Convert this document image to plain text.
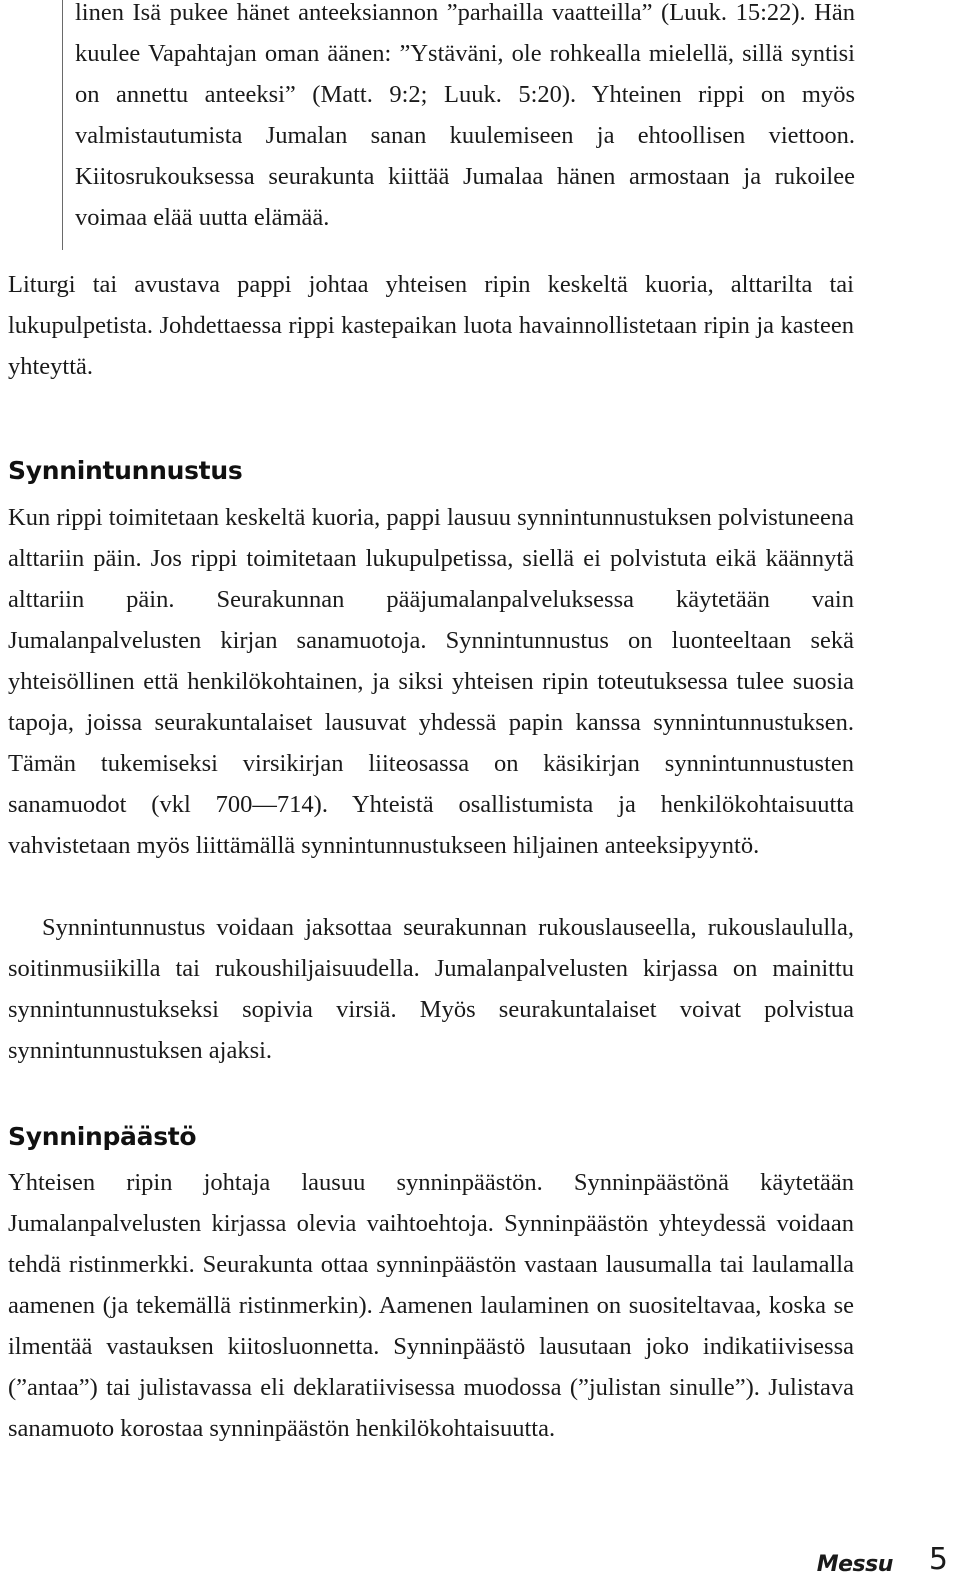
linen Isä pukee hänet anteeksiannon ”parhailla vaatteilla” (Luuk. 15:22). Hän kuulee Vapahtajan oman äänen: ”Ystäväni, ole rohkealla mielellä, sillä syntisi on annettu anteeksi” (Matt. 9:2; Luuk. 5:20). Yhteinen rippi on myös valmistautumista Jumalan sanan kuulemiseen ja ehtoollisen viettoon. Kiitosrukouksessa seurakunta kiittää Jumalaa hänen armostaan ja rukoilee voimaa elää uutta elämää.

Liturgi tai avustava pappi johtaa yhteisen ripin keskeltä kuoria, alttarilta tai lukupulpetista. Johdettaessa rippi kastepaikan luota havainnollistetaan ripin ja kasteen yhteyttä.

Synnintunnustus

Kun rippi toimitetaan keskeltä kuoria, pappi lausuu synnintunnustuksen polvistuneena alttariin päin. Jos rippi toimitetaan lukupulpetissa, siellä ei polvistuta eikä käännytä alttariin päin. Seurakunnan pääjumalanpalveluksessa käytetään vain Jumalanpalvelusten kirjan sanamuotoja. Synnintunnustus on luonteeltaan sekä yhteisöllinen että henkilökohtainen, ja siksi yhteisen ripin toteutuksessa tulee suosia tapoja, joissa seurakuntalaiset lausuvat yhdessä papin kanssa synnintunnustuksen. Tämän tukemiseksi virsikirjan liiteosassa on käsikirjan synnintunnustusten sanamuodot (vkl 700—714). Yhteistä osallistumista ja henkilökohtaisuutta vahvistetaan myös liittämällä synnintunnustukseen hiljainen anteeksipyyntö.

Synnintunnustus voidaan jaksottaa seurakunnan rukouslauseella, rukouslaululla, soitinmusiikilla tai rukoushiljaisuudella. Jumalanpalvelusten kirjassa on mainittu synnintunnustukseksi sopivia virsiä. Myös seurakuntalaiset voivat polvistua synnintunnustuksen ajaksi.

Synninpäästö

Yhteisen ripin johtaja lausuu synninpäästön. Synninpäästönä käytetään Jumalanpalvelusten kirjassa olevia vaihtoehtoja. Synninpäästön yhteydessä voidaan tehdä ristinmerkki. Seurakunta ottaa synninpäästön vastaan lausumalla tai laulamalla aamenen (ja tekemällä ristinmerkin). Aamenen laulaminen on suositeltavaa, koska se ilmentää vastauksen kiitosluonnetta. Synninpäästö lausutaan joko indikatiivisessa (”antaa”) tai julistavassa eli deklaratiivisessa muodossa (”julistan sinulle”). Julistava sanamuoto korostaa synninpäästön henkilökohtaisuutta.

Messu 5
